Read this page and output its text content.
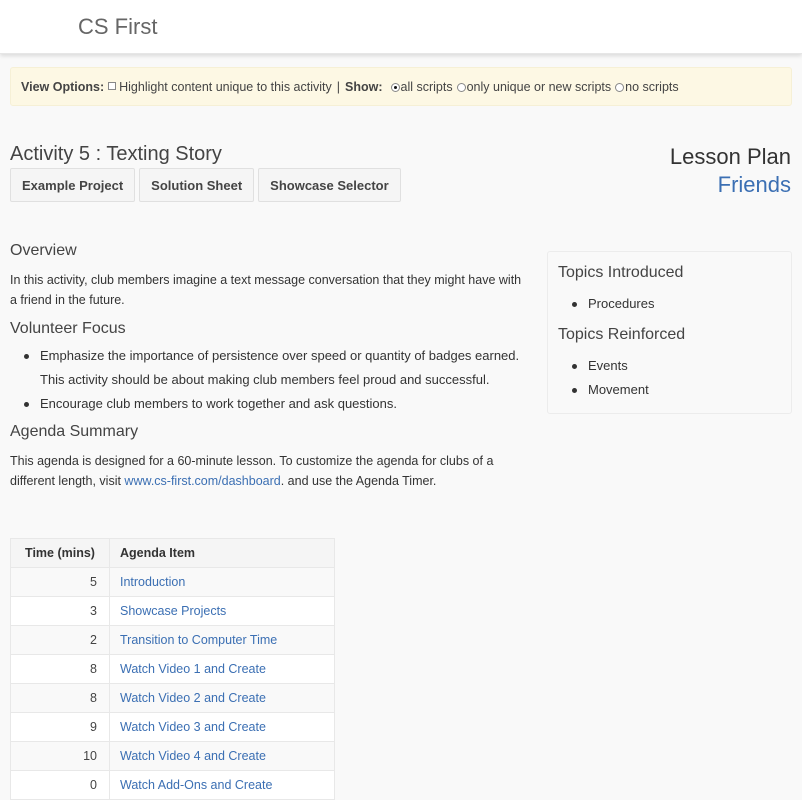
CS First
View Options: Highlight content unique to this activity | Show: all scripts only unique or new scripts no scripts
Activity 5 : Texting Story
Example Project	Solution Sheet	Showcase Selector
Lesson Plan
Friends
Overview

In this activity, club members imagine a text message conversation that they might have with a friend in the future.

Volunteer Focus
Emphasize the importance of persistence over speed or quantity of badges earned. This activity should be about making club members feel proud and successful.
Encourage club members to work together and ask questions.
Agenda Summary

This agenda is designed for a 60-minute lesson. To customize the agenda for clubs of a different length, visit www.cs-first.com/dashboard. and use the Agenda Timer.

Time (mins)	Agenda Item
5	Introduction
3	Showcase Projects
2	Transition to Computer Time
8	Watch Video 1 and Create
8	Watch Video 2 and Create
9	Watch Video 3 and Create
10	Watch Video 4 and Create
0	Watch Add-Ons and Create
Topics Introduced
Procedures
Topics Reinforced
Events
Movement
